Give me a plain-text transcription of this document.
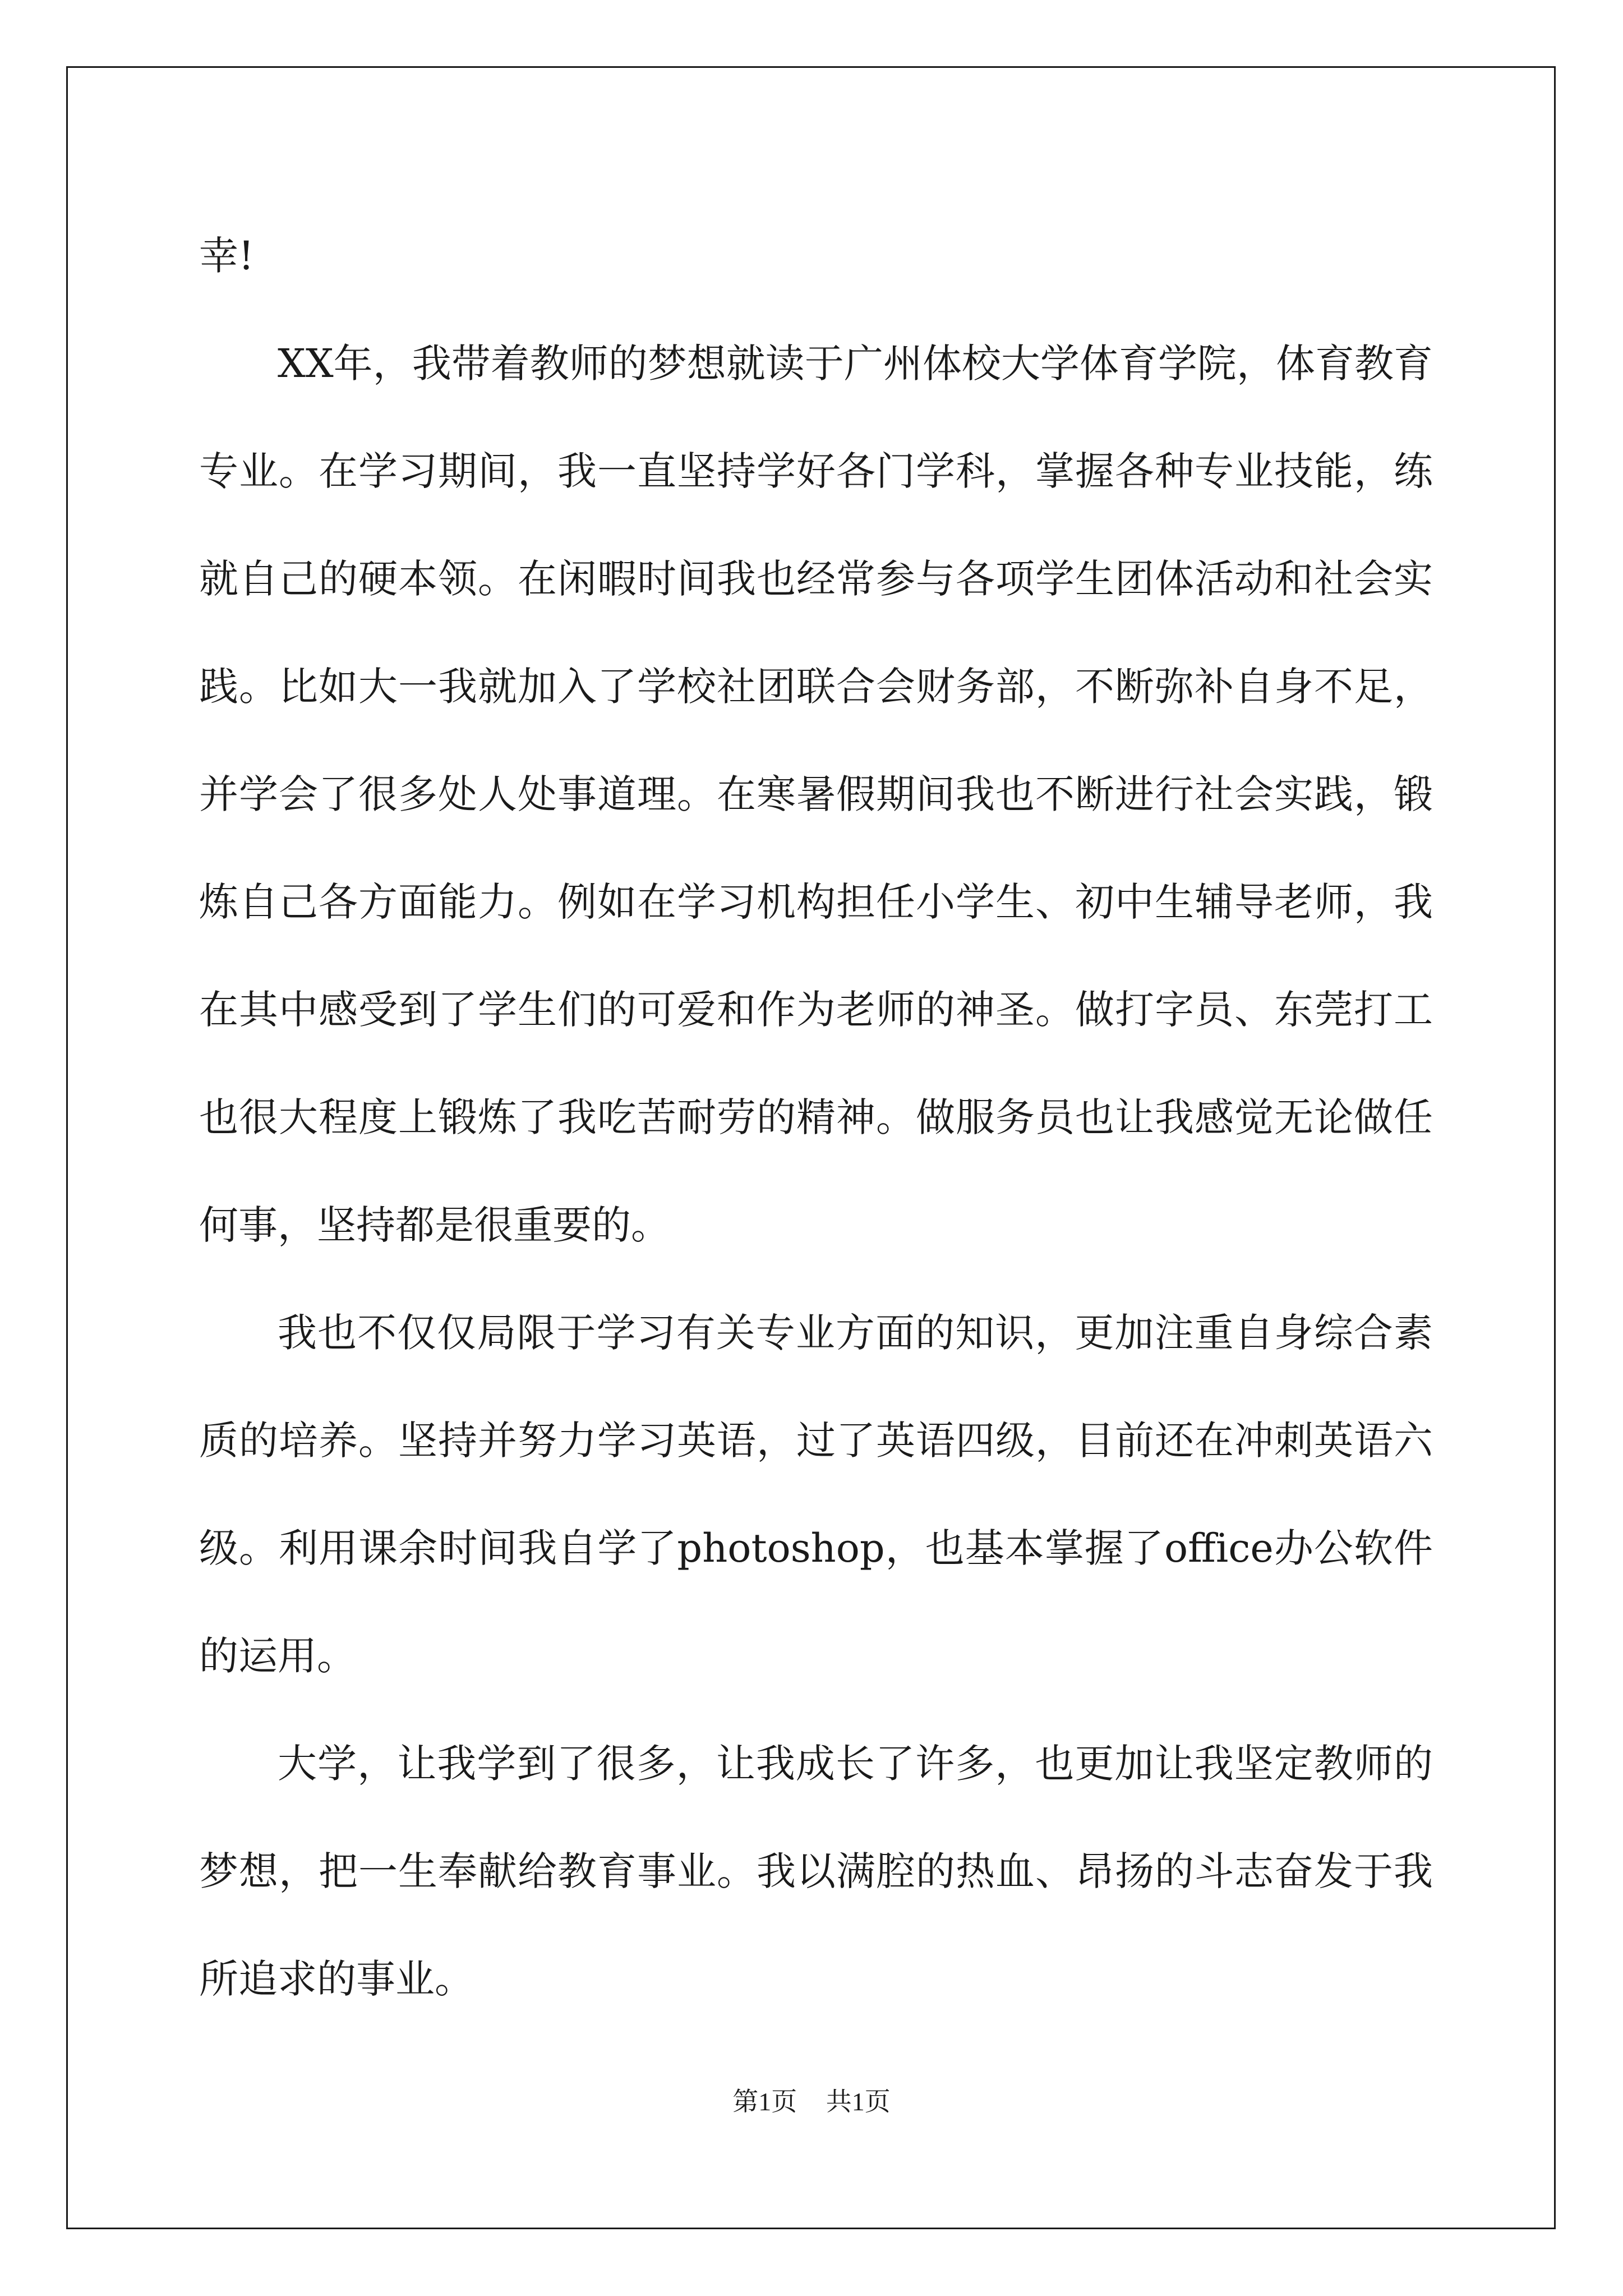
幸!

XX年，我带着教师的梦想就读于广州体校大学体育学院，体育教育专业。在学习期间，我一直坚持学好各门学科，掌握各种专业技能，练就自己的硬本领。在闲暇时间我也经常参与各项学生团体活动和社会实践。比如大一我就加入了学校社团联合会财务部，不断弥补自身不足，并学会了很多处人处事道理。在寒暑假期间我也不断进行社会实践，锻炼自己各方面能力。例如在学习机构担任小学生、初中生辅导老师，我在其中感受到了学生们的可爱和作为老师的神圣。做打字员、东莞打工也很大程度上锻炼了我吃苦耐劳的精神。做服务员也让我感觉无论做任何事，坚持都是很重要的。

我也不仅仅局限于学习有关专业方面的知识，更加注重自身综合素质的培养。坚持并努力学习英语，过了英语四级，目前还在冲刺英语六级。利用课余时间我自学了photoshop，也基本掌握了office办公软件的运用。

大学，让我学到了很多，让我成长了许多，也更加让我坚定教师的梦想，把一生奉献给教育事业。我以满腔的热血、昂扬的斗志奋发于我所追求的事业。

第1页 共1页
